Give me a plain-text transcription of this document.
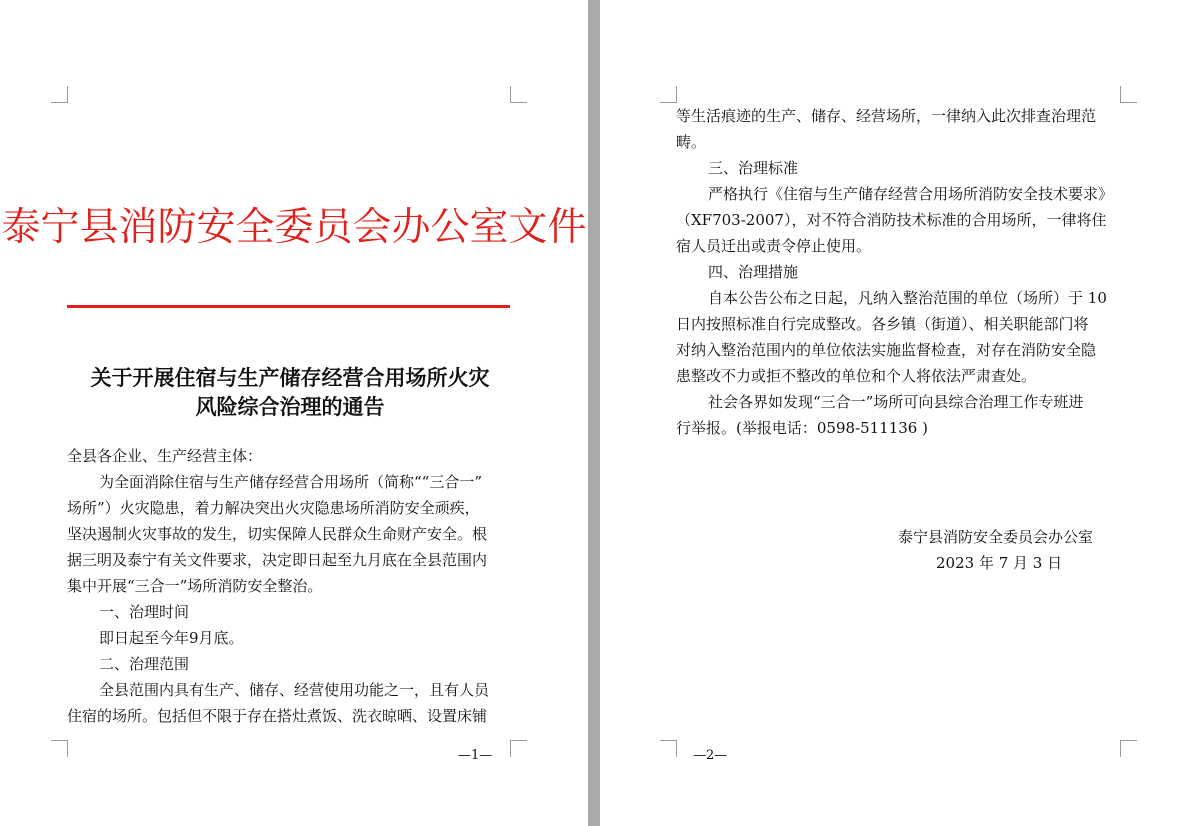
泰宁县消防安全委员会办公室文件
关于开展住宿与生产储存经营合用场所火灾
风险综合治理的通告
全县各企业、生产经营主体：
为全面消除住宿与生产储存经营合用场所（简称““三合一”
场所”）火灾隐患，着力解决突出火灾隐患场所消防安全顽疾，
坚决遏制火灾事故的发生，切实保障人民群众生命财产安全。根
据三明及泰宁有关文件要求，决定即日起至九月底在全县范围内
集中开展“三合一”场所消防安全整治。
一、治理时间
即日起至今年9月底。
二、治理范围
全县范围内具有生产、储存、经营使用功能之一，且有人员
住宿的场所。包括但不限于存在搭灶煮饭、洗衣晾晒、设置床铺
—1—
等生活痕迹的生产、储存、经营场所，一律纳入此次排查治理范
畴。
三、治理标准
严格执行《住宿与生产储存经营合用场所消防安全技术要求》
（XF703-2007），对不符合消防技术标准的合用场所，一律将住
宿人员迁出或责令停止使用。
四、治理措施
自本公告公布之日起，凡纳入整治范围的单位（场所）于 10
日内按照标准自行完成整改。各乡镇（街道）、相关职能部门将
对纳入整治范围内的单位依法实施监督检查，对存在消防安全隐
患整改不力或拒不整改的单位和个人将依法严肃查处。
社会各界如发现“三合一”场所可向县综合治理工作专班进
行举报。(举报电话：0598-511136 )
泰宁县消防安全委员会办公室
2023 年 7 月 3 日
—2—
